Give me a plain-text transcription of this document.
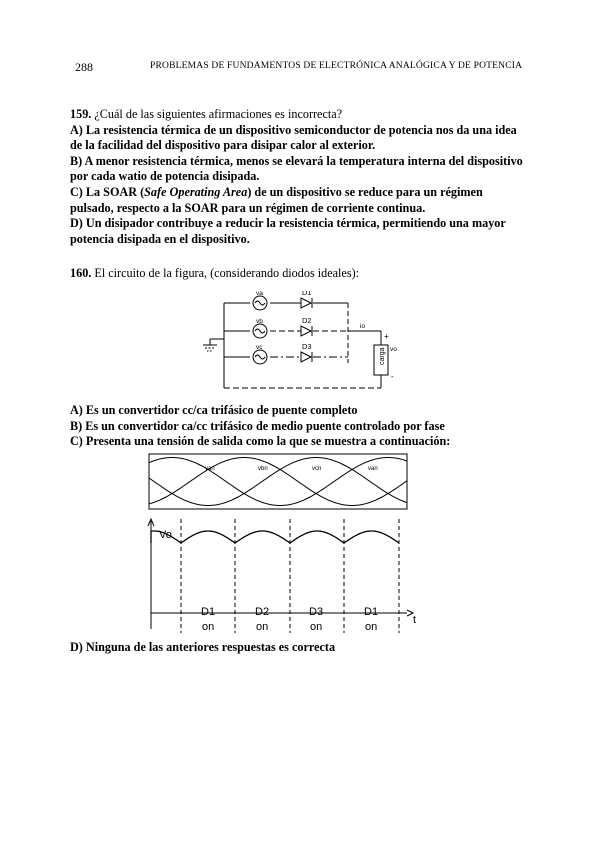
288	PROBLEMAS DE FUNDAMENTOS DE ELECTRÓNICA ANALÓGICA Y DE POTENCIA

159. ¿Cuál de las siguientes afirmaciones es incorrecta?

A) La resistencia térmica de un dispositivo semiconductor de potencia nos da una idea de la facilidad del dispositivo para disipar calor al exterior.

B) A menor resistencia térmica, menos se elevará la temperatura interna del dispositivo por cada watio de potencia disipada.

C) La SOAR (Safe Operating Area) de un dispositivo se reduce para un régimen pulsado, respecto a la SOAR para un régimen de corriente continua.

D) Un disipador contribuye a reducir la resistencia térmica, permitiendo una mayor potencia disipada en el dispositivo.

160. El circuito de la figura, (considerando diodos ideales):

carga
va
vb
vc
D1
D2
D3
io
+
vo
-

A) Es un convertidor cc/ca trifásico de puente completo

B) Es un convertidor ca/cc trifásico de medio puente controlado por fase

C) Presenta una tensión de salida como la que se muestra a continuación:

van	vbn	vcn	van
Vo
t
D1	D2	D3	D1
on	on	on	on

D) Ninguna de las anteriores respuestas es correcta
